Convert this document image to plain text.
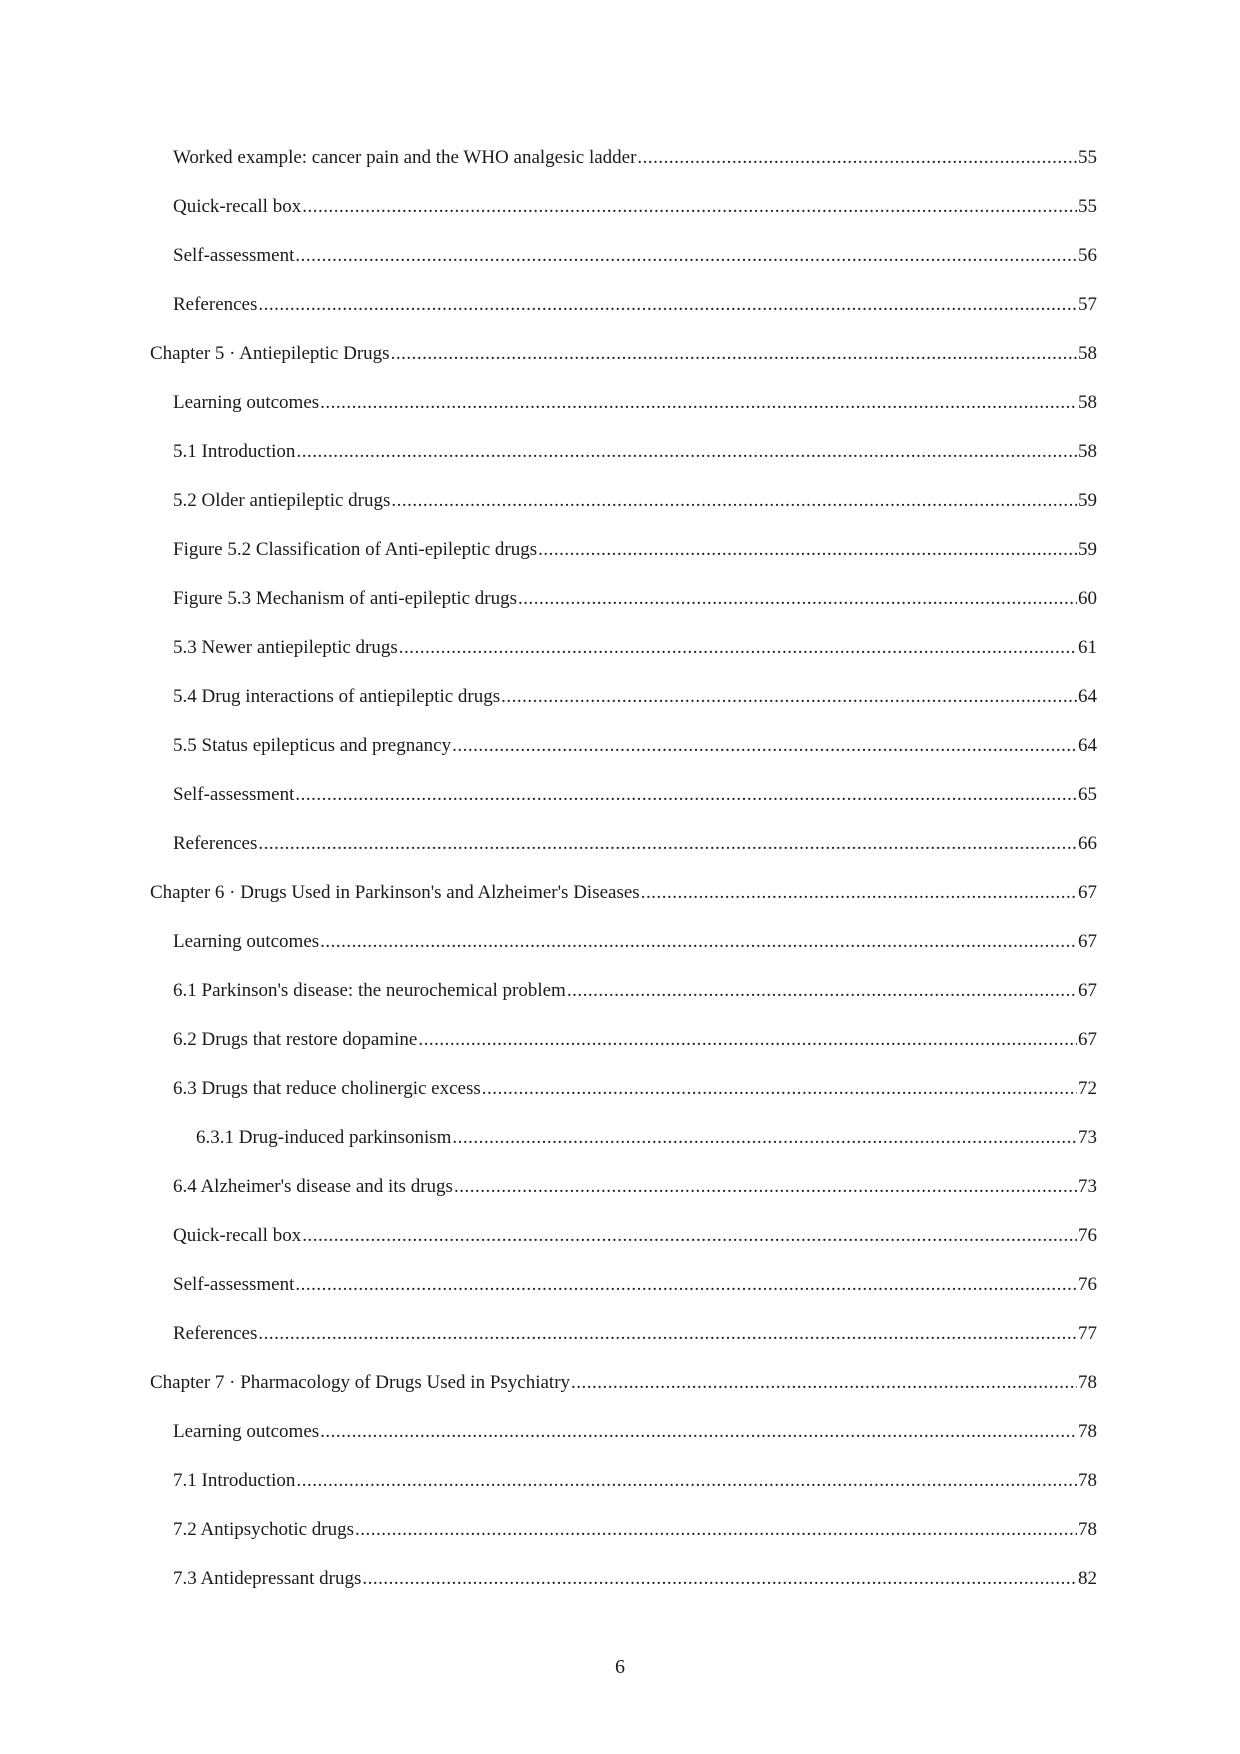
Worked example: cancer pain and the WHO analgesic ladder .....	55
Quick-recall box .....	55
Self-assessment .....	56
References .....	57
Chapter 5 · Antiepileptic Drugs .....	58
Learning outcomes .....	58
5.1 Introduction .....	58
5.2 Older antiepileptic drugs .....	59
Figure 5.2 Classification of Anti-epileptic drugs .....	59
Figure 5.3 Mechanism of anti-epileptic drugs .....	60
5.3 Newer antiepileptic drugs .....	61
5.4 Drug interactions of antiepileptic drugs .....	64
5.5 Status epilepticus and pregnancy .....	64
Self-assessment .....	65
References .....	66
Chapter 6 · Drugs Used in Parkinson's and Alzheimer's Diseases .....	67
Learning outcomes .....	67
6.1 Parkinson's disease: the neurochemical problem .....	67
6.2 Drugs that restore dopamine .....	67
6.3 Drugs that reduce cholinergic excess .....	72
6.3.1 Drug-induced parkinsonism .....	73
6.4 Alzheimer's disease and its drugs .....	73
Quick-recall box .....	76
Self-assessment .....	76
References .....	77
Chapter 7 · Pharmacology of Drugs Used in Psychiatry .....	78
Learning outcomes .....	78
7.1 Introduction .....	78
7.2 Antipsychotic drugs .....	78
7.3 Antidepressant drugs .....	82
6
